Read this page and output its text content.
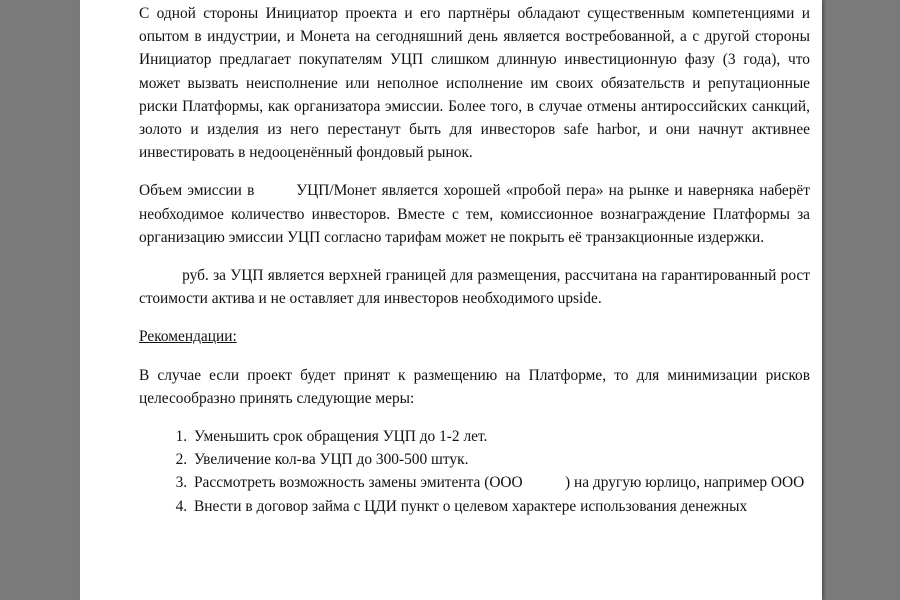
С одной стороны Инициатор проекта и его партнёры обладают существенным компетенциями и опытом в индустрии, и Монета на сегодняшний день является востребованной, а с другой стороны Инициатор предлагает покупателям УЦП слишком длинную инвестиционную фазу (3 года), что может вызвать неисполнение или неполное исполнение им своих обязательств и репутационные риски Платформы, как организатора эмиссии. Более того, в случае отмены антироссийских санкций, золото и изделия из него перестанут быть для инвесторов safe harbor, и они начнут активнее инвестировать в недооценённый фондовый рынок.

Объем эмиссии в        УЦП/Монет является хорошей «пробой пера» на рынке и наверняка наберёт необходимое количество инвесторов. Вместе с тем, комиссионное вознаграждение Платформы за организацию эмиссии УЦП согласно тарифам может не покрыть её транзакционные издержки.

руб. за УЦП является верхней границей для размещения, рассчитана на гарантированный рост стоимости актива и не оставляет для инвесторов необходимого upside.

Рекомендации:

В случае если проект будет принят к размещению на Платформе, то для минимизации рисков целесообразно принять следующие меры:

1. Уменьшить срок обращения УЦП до 1-2 лет.
2. Увеличение кол-ва УЦП до 300-500 штук.
3. Рассмотреть возможность замены эмитента (ООО           ) на другую юрлицо, например ООО
4. Внести в договор займа с ЦДИ пункт о целевом характере использования денежных
